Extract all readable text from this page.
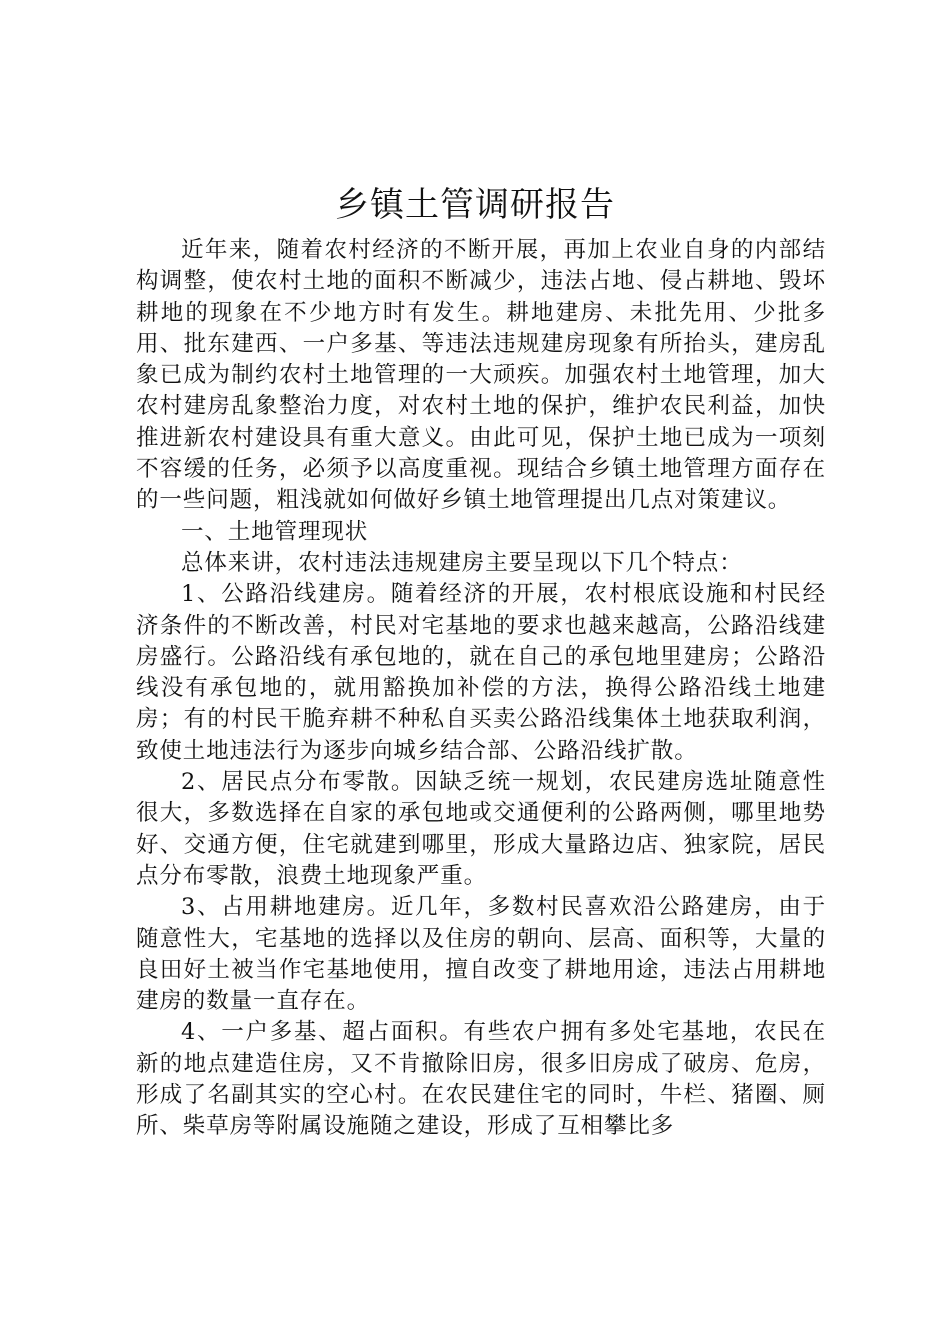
乡镇土管调研报告

近年来，随着农村经济的不断开展，再加上农业自身的内部结构调整，使农村土地的面积不断减少，违法占地、侵占耕地、毁坏耕地的现象在不少地方时有发生。耕地建房、未批先用、少批多用、批东建西、一户多基、等违法违规建房现象有所抬头，建房乱象已成为制约农村土地管理的一大顽疾。加强农村土地管理，加大农村建房乱象整治力度，对农村土地的保护，维护农民利益，加快推进新农村建设具有重大意义。由此可见，保护土地已成为一项刻不容缓的任务，必须予以高度重视。现结合乡镇土地管理方面存在的一些问题，粗浅就如何做好乡镇土地管理提出几点对策建议。

一、土地管理现状

总体来讲，农村违法违规建房主要呈现以下几个特点：

1、公路沿线建房。随着经济的开展，农村根底设施和村民经济条件的不断改善，村民对宅基地的要求也越来越高，公路沿线建房盛行。公路沿线有承包地的，就在自己的承包地里建房；公路沿线没有承包地的，就用豁换加补偿的方法，换得公路沿线土地建房；有的村民干脆弃耕不种私自买卖公路沿线集体土地获取利润，致使土地违法行为逐步向城乡结合部、公路沿线扩散。

2、居民点分布零散。因缺乏统一规划，农民建房选址随意性很大，多数选择在自家的承包地或交通便利的公路两侧，哪里地势好、交通方便，住宅就建到哪里，形成大量路边店、独家院，居民点分布零散，浪费土地现象严重。

3、占用耕地建房。近几年，多数村民喜欢沿公路建房，由于随意性大，宅基地的选择以及住房的朝向、层高、面积等，大量的良田好土被当作宅基地使用，擅自改变了耕地用途，违法占用耕地建房的数量一直存在。

4、一户多基、超占面积。有些农户拥有多处宅基地，农民在新的地点建造住房，又不肯撤除旧房，很多旧房成了破房、危房，形成了名副其实的空心村。在农民建住宅的同时，牛栏、猪圈、厕所、柴草房等附属设施随之建设，形成了互相攀比多
